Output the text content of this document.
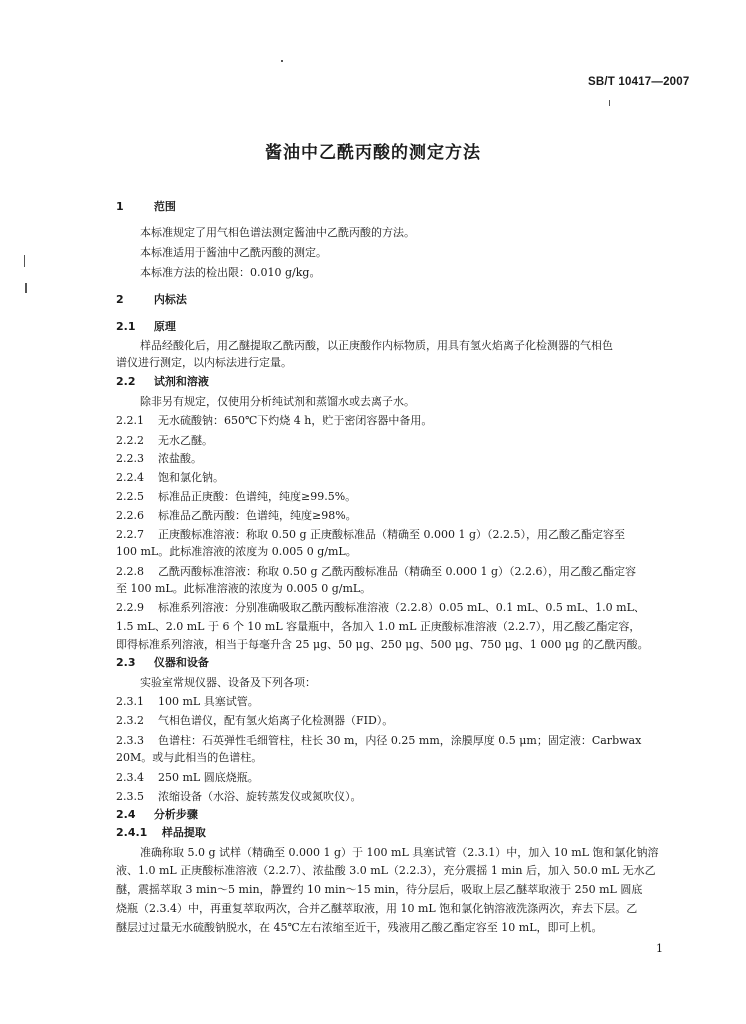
SB/T 10417—2007
酱油中乙酰丙酸的测定方法
1	范围
本标准规定了用气相色谱法测定酱油中乙酰丙酸的方法。
本标准适用于酱油中乙酰丙酸的测定。
本标准方法的检出限：0.010 g/kg。
2	内标法
2.1 原理
样品经酸化后，用乙醚提取乙酰丙酸，以正庚酸作内标物质，用具有氢火焰离子化检测器的气相色
谱仪进行测定，以内标法进行定量。
2.2 试剂和溶液
除非另有规定，仅使用分析纯试剂和蒸馏水或去离子水。
2.2.1 无水硫酸钠：650℃下灼烧 4 h，贮于密闭容器中备用。
2.2.2 无水乙醚。
2.2.3 浓盐酸。
2.2.4 饱和氯化钠。
2.2.5 标准品正庚酸：色谱纯，纯度≥99.5%。
2.2.6 标准品乙酰丙酸：色谱纯，纯度≥98%。
2.2.7 正庚酸标准溶液：称取 0.50 g 正庚酸标准品（精确至 0.000 1 g）（2.2.5），用乙酸乙酯定容至
100 mL。此标准溶液的浓度为 0.005 0 g/mL。
2.2.8 乙酰丙酸标准溶液：称取 0.50 g 乙酰丙酸标准品（精确至 0.000 1 g）（2.2.6），用乙酸乙酯定容
至 100 mL。此标准溶液的浓度为 0.005 0 g/mL。
2.2.9 标准系列溶液：分别准确吸取乙酰丙酸标准溶液（2.2.8）0.05 mL、0.1 mL、0.5 mL、1.0 mL、
1.5 mL、2.0 mL 于 6 个 10 mL 容量瓶中，各加入 1.0 mL 正庚酸标准溶液（2.2.7），用乙酸乙酯定容，
即得标准系列溶液，相当于每毫升含 25 μg、50 μg、250 μg、500 μg、750 μg、1 000 μg 的乙酰丙酸。
2.3 仪器和设备
实验室常规仪器、设备及下列各项：
2.3.1 100 mL 具塞试管。
2.3.2 气相色谱仪，配有氢火焰离子化检测器（FID）。
2.3.3 色谱柱：石英弹性毛细管柱，柱长 30 m，内径 0.25 mm，涂膜厚度 0.5 μm；固定液：Carbwax
20M。或与此相当的色谱柱。
2.3.4 250 mL 圆底烧瓶。
2.3.5 浓缩设备（水浴、旋转蒸发仪或氮吹仪）。
2.4 分析步骤
2.4.1 样品提取
准确称取 5.0 g 试样（精确至 0.000 1 g）于 100 mL 具塞试管（2.3.1）中，加入 10 mL 饱和氯化钠溶
液、1.0 mL 正庚酸标准溶液（2.2.7）、浓盐酸 3.0 mL（2.2.3），充分震摇 1 min 后，加入 50.0 mL 无水乙
醚，震摇萃取 3 min～5 min，静置约 10 min～15 min，待分层后，吸取上层乙醚萃取液于 250 mL 圆底
烧瓶（2.3.4）中，再重复萃取两次，合并乙醚萃取液，用 10 mL 饱和氯化钠溶液洗涤两次，弃去下层。乙
醚层过过量无水硫酸钠脱水，在 45℃左右浓缩至近干，残液用乙酸乙酯定容至 10 mL，即可上机。
1
